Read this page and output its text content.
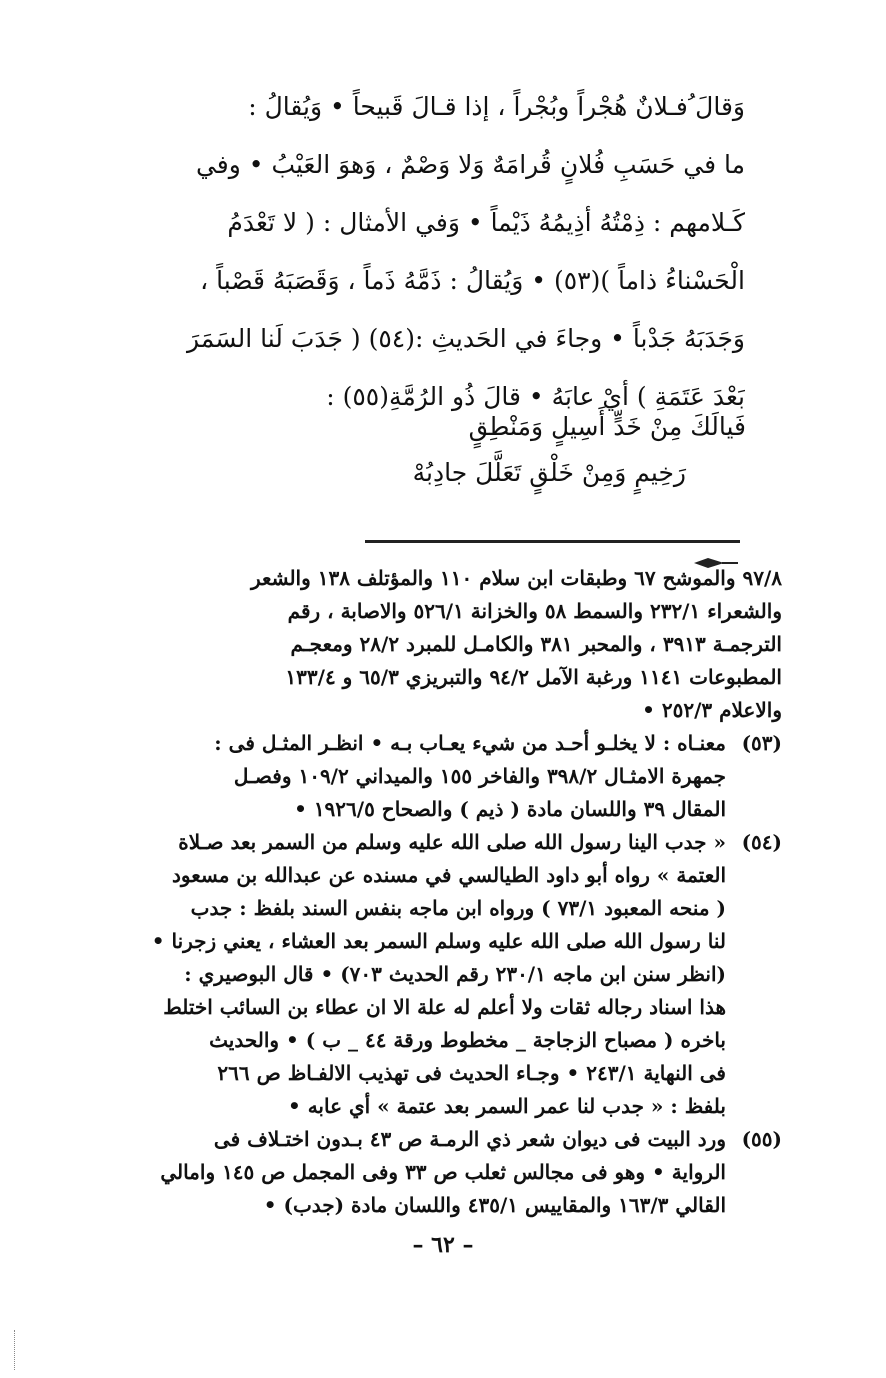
وَقالَ ُفـلانٌ هُجْراً وبُجْراً ، إذا قـالَ قَبيحاً • وَيُقالُ :
ما في حَسَبِ فُلانٍ قُرامَهٌ وَلا وَصْمٌ ، وَهوَ العَيْبُ • وفي
كَـلامهم : ذِمْتُهُ أذِيمُهُ ذَيْماً • وَفي الأمثال : ( لا تَعْدَمُ
الْحَسْناءُ ذاماً )(٥٣) • وَيُقالُ : ذَمَّهُ ذَماً ، وَقَصَبَهُ قَصْباً ،
وَجَدَبَهُ جَدْباً • وجاءَ في الحَديثِ :(٥٤) ( جَدَبَ لَنا السَمَرَ
بَعْدَ عَتَمَةِ ) أيْ عابَهُ • قالَ ذُو الرُمَّةِ(٥٥) :
فَيالَكَ مِنْ خَدٍّ أَسِيلٍ وَمَنْطِقٍ
رَخِيمٍ وَمِنْ خَلْقٍ تَعَلَّلَ جادِبُهْ
٩٧/٨ والموشح ٦٧ وطبقات ابن سلام ١١٠ والمؤتلف ١٣٨ والشعر
والشعراء ٢٣٢/١ والسمط ٥٨ والخزانة ٥٢٦/١ والاصابة ، رقم
الترجمـة ٣٩١٣ ، والمحبر ٣٨١ والكامـل للمبرد ٢٨/٢ ومعجـم
المطبوعات ١١٤١ ورغبة الآمل ٩٤/٢ والتبريزي ٦٥/٣ و ١٣٣/٤
والاعلام ٢٥٢/٣ •
(٥٣)
معنـاه : لا يخلـو أحـد من شيء يعـاب بـه • انظـر المثـل فى :
جمهرة الامثـال ٣٩٨/٢ والفاخر ١٥٥ والميداني ١٠٩/٢ وفصـل
المقال ٣٩ واللسان مادة ( ذيم ) والصحاح ١٩٢٦/٥ •
(٥٤)
« جدب الينا رسول الله صلى الله عليه وسلم من السمر بعد صـلاة
العتمة » رواه أبو داود الطيالسي في مسنده عن عبدالله بن مسعود
( منحه المعبود ٧٣/١ ) ورواه ابن ماجه بنفس السند بلفظ : جدب
لنا رسول الله صلى الله عليه وسلم السمر بعد العشاء ، يعني زجرنا •
(انظر سنن ابن ماجه ٢٣٠/١ رقم الحديث ٧٠٣) • قال البوصيري :
هذا اسناد رجاله ثقات ولا أعلم له علة الا ان عطاء بن السائب اختلط
باخره ( مصباح الزجاجة _ مخطوط ورقة ٤٤ _ ب ) • والحديث
فى النهاية ٢٤٣/١ • وجـاء الحديث فى تهذيب الالفـاظ ص ٢٦٦
بلفظ : « جدب لنا عمر السمر بعد عتمة » أي عابه •
(٥٥)
ورد البيت فى ديوان شعر ذي الرمـة ص ٤٣ بـدون اختـلاف فى
الرواية • وهو فى مجالس ثعلب ص ٣٣ وفى المجمل ص ١٤٥ وامالي
القالي ١٦٣/٣ والمقاييس ٤٣٥/١ واللسان مادة (جدب) •
– ٦٢ –
